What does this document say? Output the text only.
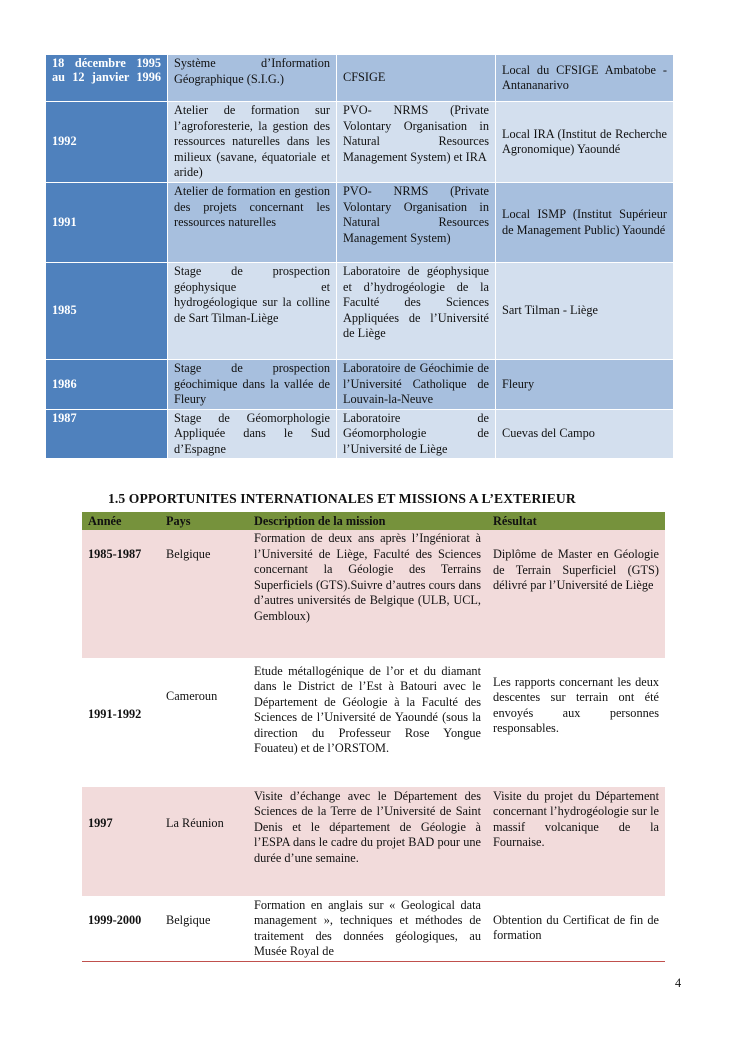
18 décembre 1995 au 12 janvier 1996	Système d’Information Géographique (S.I.G.)	CFSIGE	Local du CFSIGE Ambatobe - Antananarivo
1992	Atelier de formation sur l’agroforesterie, la gestion des ressources naturelles dans les milieux (savane, équatoriale et aride)	PVO- NRMS (Private Volontary Organisation in Natural Resources Management System) et IRA	Local IRA (Institut de Recherche Agronomique) Yaoundé
1991	Atelier de formation en gestion des projets concernant les ressources naturelles	PVO- NRMS (Private Volontary Organisation in Natural Resources Management System)	Local ISMP (Institut Supérieur de Management Public) Yaoundé
1985	Stage de prospection géophysique et hydrogéologique sur la colline de Sart Tilman-Liège	Laboratoire de géophysique et d’hydrogéologie de la Faculté des Sciences Appliquées de l’Université de Liège	Sart Tilman - Liège
1986	Stage de prospection géochimique dans la vallée de Fleury	Laboratoire de Géochimie de l’Université Catholique de Louvain-la-Neuve	Fleury
1987	Stage de Géomorphologie Appliquée dans le Sud d’Espagne	Laboratoire de Géomorphologie de l’Université de Liège	Cuevas del Campo
1.5 OPPORTUNITES INTERNATIONALES ET MISSIONS A L’EXTERIEUR
Année	Pays	Description de la mission	Résultat
1985-1987	Belgique	Formation de deux ans après l’Ingéniorat à l’Université de Liège, Faculté des Sciences concernant la Géologie des Terrains Superficiels (GTS).Suivre d’autres cours dans d’autres universités de Belgique (ULB, UCL, Gembloux)	Diplôme de Master en Géologie de Terrain Superficiel (GTS) délivré par l’Université de Liège
1991-1992	Cameroun	Etude métallogénique de l’or et du diamant dans le District de l’Est à Batouri avec le Département de Géologie à la Faculté des Sciences de l’Université de Yaoundé (sous la direction du Professeur Rose Yongue Fouateu) et de l’ORSTOM.	Les rapports concernant les deux descentes sur terrain ont été envoyés aux personnes responsables.
1997	La Réunion	Visite d’échange avec le Département des Sciences de la Terre de l’Université de Saint Denis et le département de Géologie à l’ESPA dans le cadre du projet BAD pour une durée d’une semaine.	Visite du projet du Département concernant l’hydrogéologie sur le massif volcanique de la Fournaise.
1999-2000	Belgique	Formation en anglais sur « Geological data management », techniques et méthodes de traitement des données géologiques, au Musée Royal de	Obtention du Certificat de fin de formation
4
